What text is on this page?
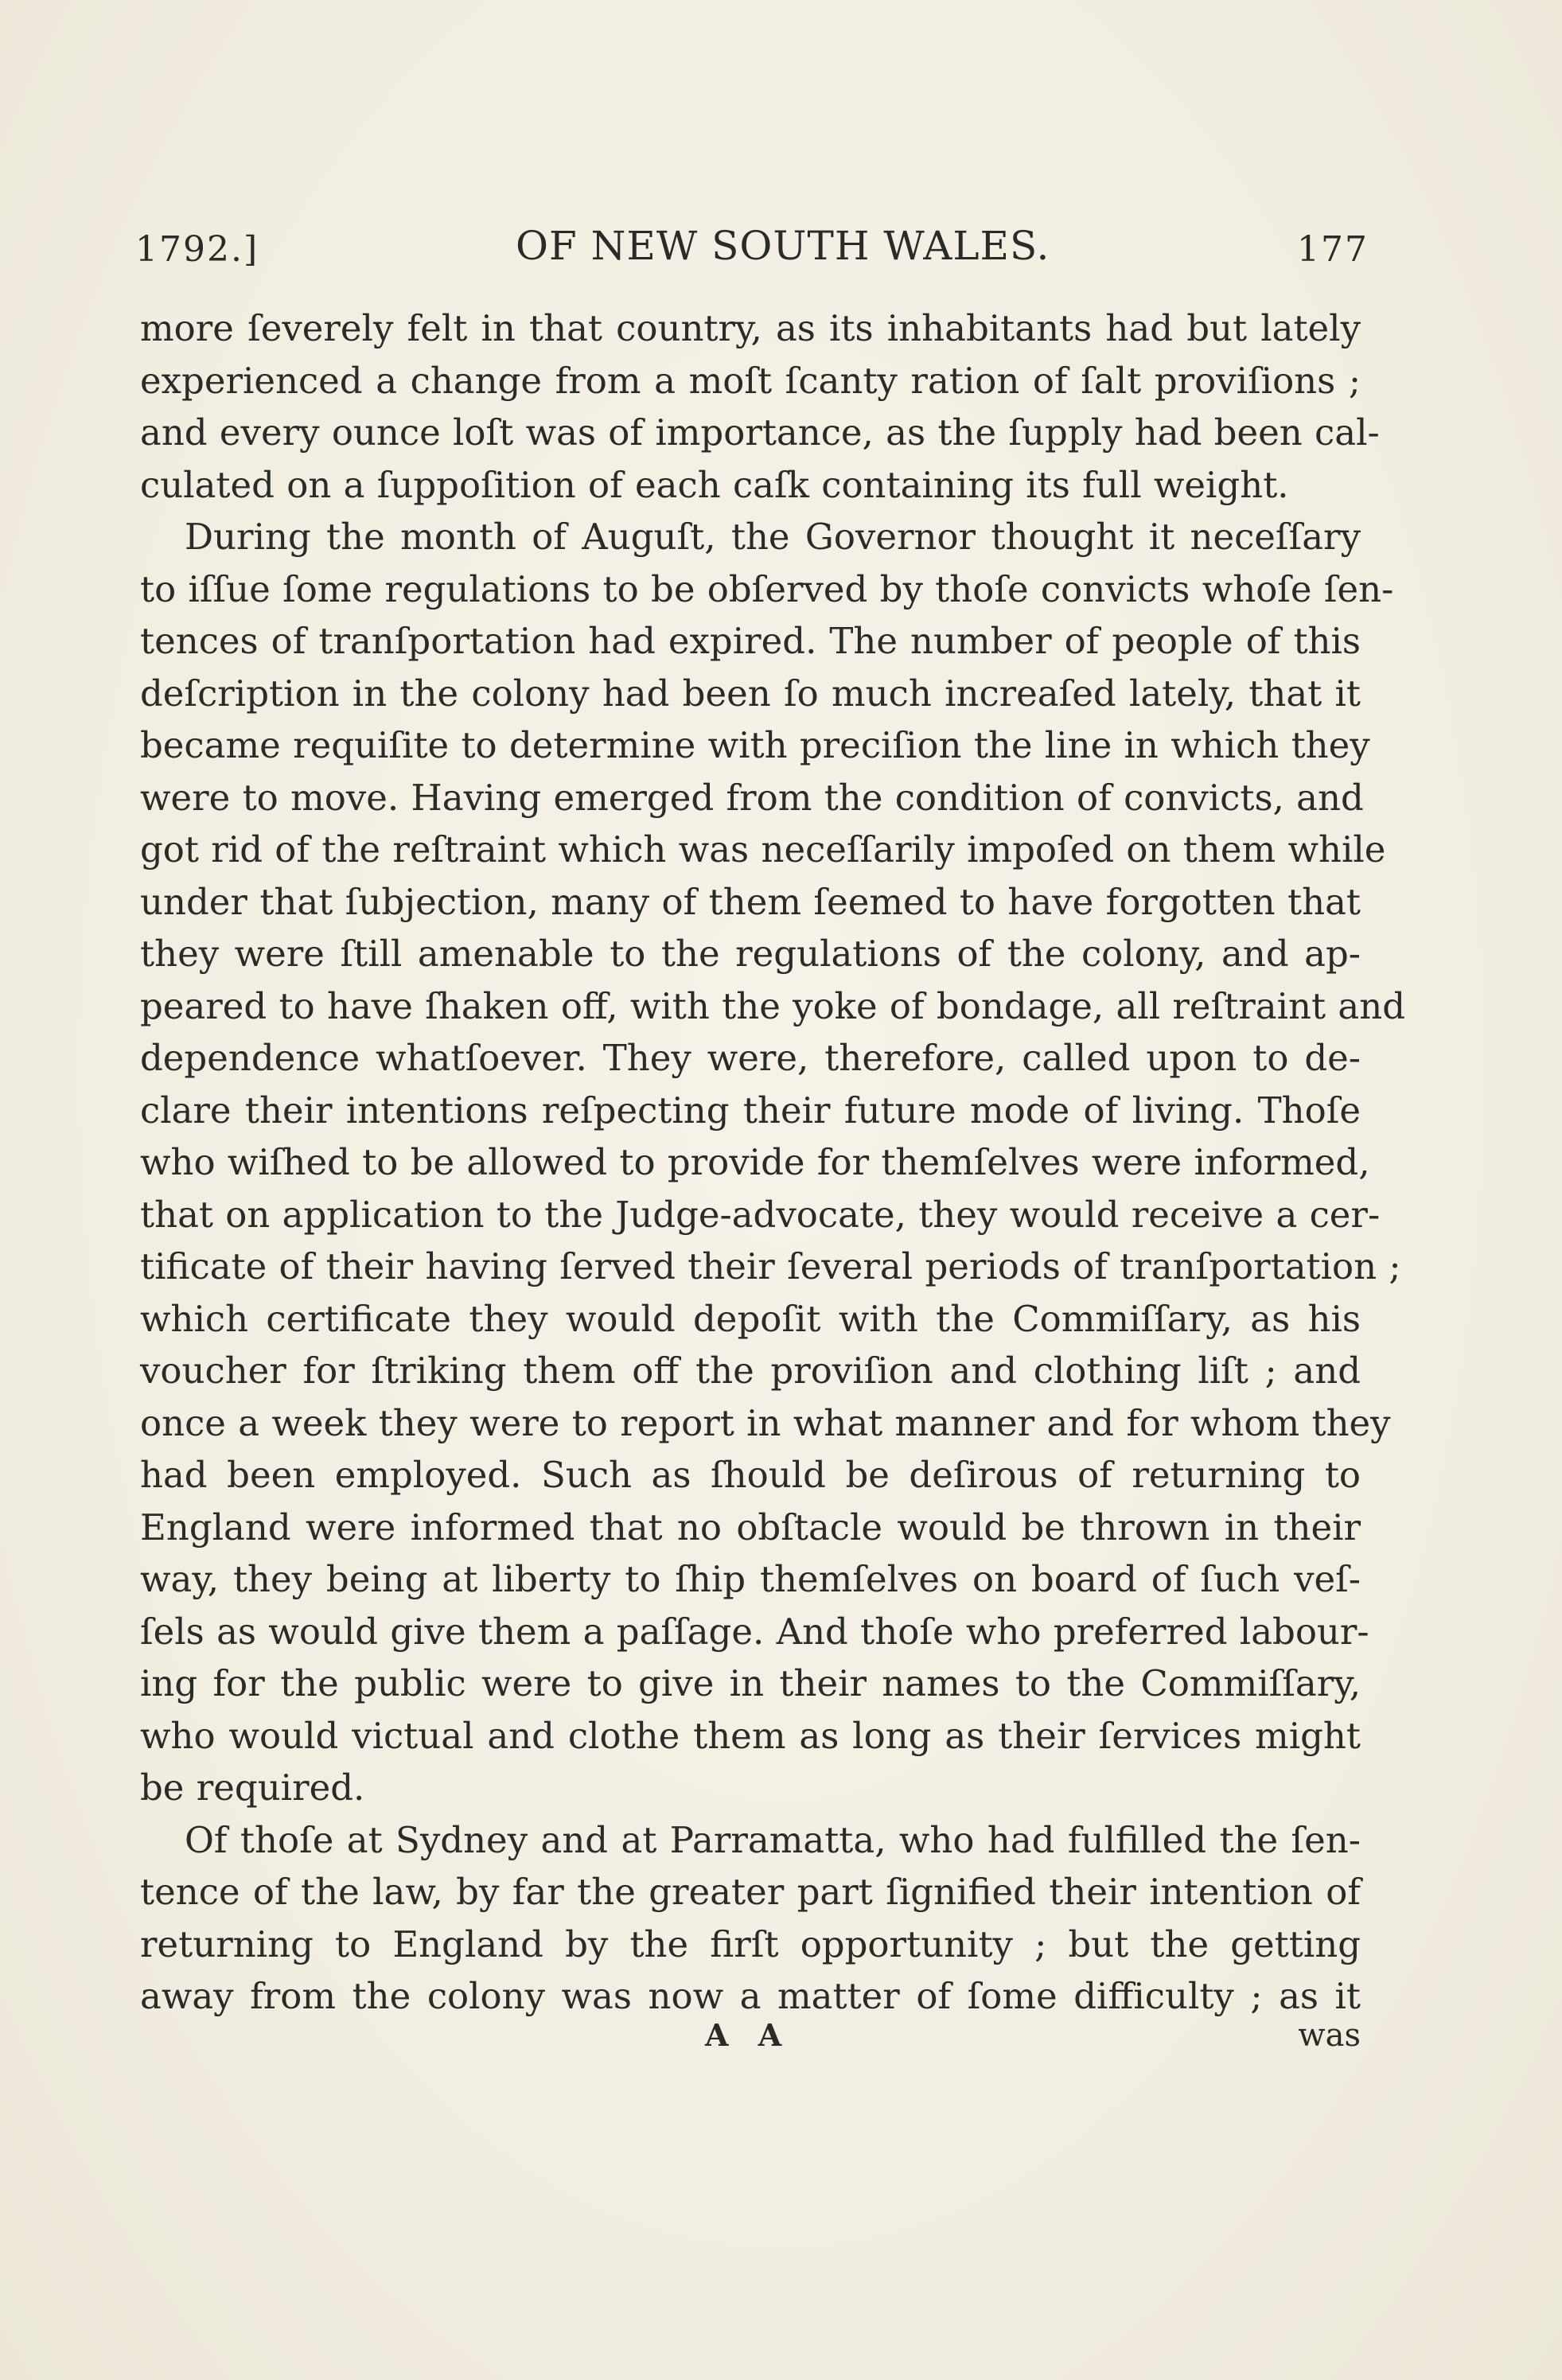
1792.]	OF NEW SOUTH WALES.	177
more ſeverely felt in that country, as its inhabitants had but lately
experienced a change from a moſt ſcanty ration of ſalt proviſions ;
and every ounce loſt was of importance, as the ſupply had been cal-
culated on a ſuppoſition of each caſk containing its full weight.
During the month of Auguſt, the Governor thought it neceſſary
to iſſue ſome regulations to be obſerved by thoſe convicts whoſe ſen-
tences of tranſportation had expired. The number of people of this
deſcription in the colony had been ſo much increaſed lately, that it
became requiſite to determine with preciſion the line in which they
were to move. Having emerged from the condition of convicts, and
got rid of the reſtraint which was neceſſarily impoſed on them while
under that ſubjection, many of them ſeemed to have forgotten that
they were ſtill amenable to the regulations of the colony, and ap-
peared to have ſhaken off, with the yoke of bondage, all reſtraint and
dependence whatſoever. They were, therefore, called upon to de-
clare their intentions reſpecting their future mode of living. Thoſe
who wiſhed to be allowed to provide for themſelves were informed,
that on application to the Judge-advocate, they would receive a cer-
tificate of their having ſerved their ſeveral periods of tranſportation ;
which certificate they would depoſit with the Commiſſary, as his
voucher for ſtriking them off the proviſion and clothing liſt ; and
once a week they were to report in what manner and for whom they
had been employed. Such as ſhould be deſirous of returning to
England were informed that no obſtacle would be thrown in their
way, they being at liberty to ſhip themſelves on board of ſuch veſ-
ſels as would give them a paſſage. And thoſe who preferred labour-
ing for the public were to give in their names to the Commiſſary,
who would victual and clothe them as long as their ſervices might
be required.
Of thoſe at Sydney and at Parramatta, who had fulfilled the ſen-
tence of the law, by far the greater part ſignified their intention of
returning to England by the firſt opportunity ; but the getting
away from the colony was now a matter of ſome difficulty ; as it
A A	was
